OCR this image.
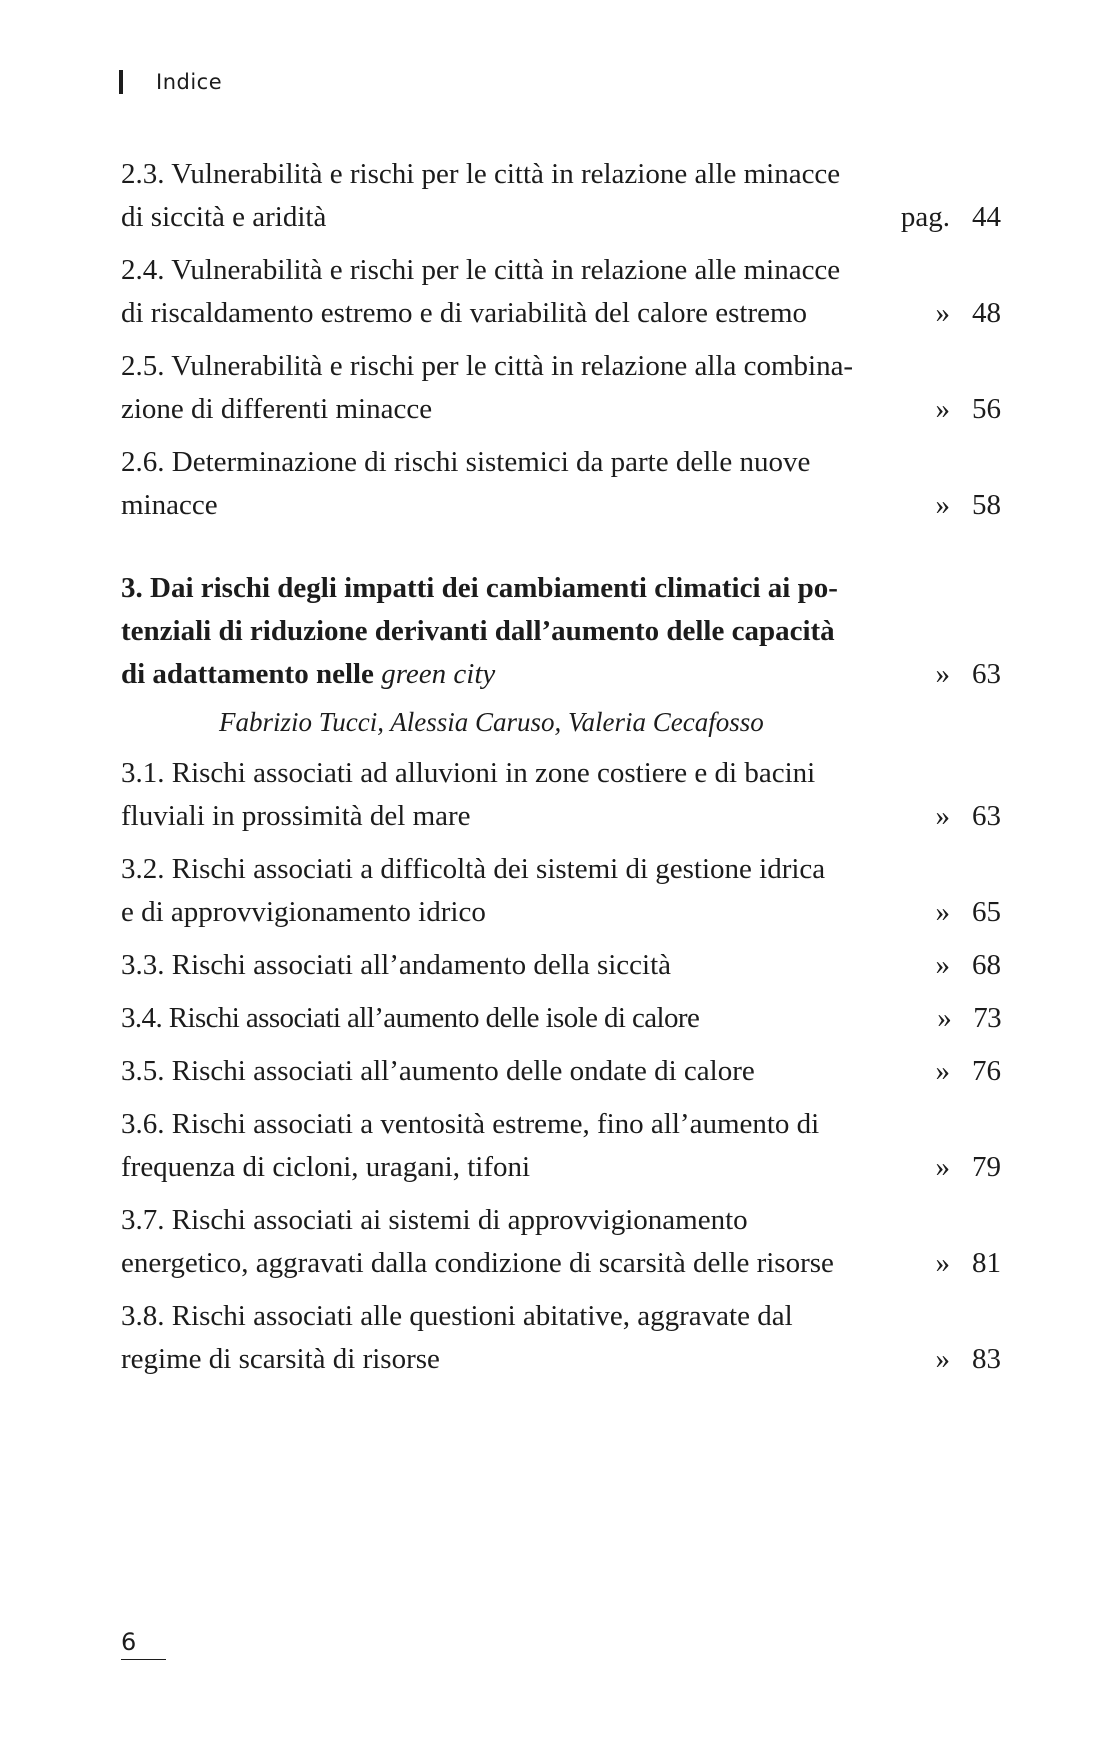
Indice
2.3. Vulnerabilità e rischi per le città in relazione alle minacce
di siccità e aridità	pag. 44
2.4. Vulnerabilità e rischi per le città in relazione alle minacce
di riscaldamento estremo e di variabilità del calore estremo	» 48
2.5. Vulnerabilità e rischi per le città in relazione alla combina-
zione di differenti minacce	» 56
2.6. Determinazione di rischi sistemici da parte delle nuove
minacce	» 58
3. Dai rischi degli impatti dei cambiamenti climatici ai po-
tenziali di riduzione derivanti dall’aumento delle capacità
di adattamento nelle green city	» 63
Fabrizio Tucci, Alessia Caruso, Valeria Cecafosso
3.1. Rischi associati ad alluvioni in zone costiere e di bacini
fluviali in prossimità del mare	» 63
3.2. Rischi associati a difficoltà dei sistemi di gestione idrica
e di approvvigionamento idrico	» 65
3.3. Rischi associati all’andamento della siccità	» 68
3.4. Rischi associati all’aumento delle isole di calore	» 73
3.5. Rischi associati all’aumento delle ondate di calore	» 76
3.6. Rischi associati a ventosità estreme, fino all’aumento di
frequenza di cicloni, uragani, tifoni	» 79
3.7. Rischi associati ai sistemi di approvvigionamento
energetico, aggravati dalla condizione di scarsità delle risorse	» 81
3.8. Rischi associati alle questioni abitative, aggravate dal
regime di scarsità di risorse	» 83
6
